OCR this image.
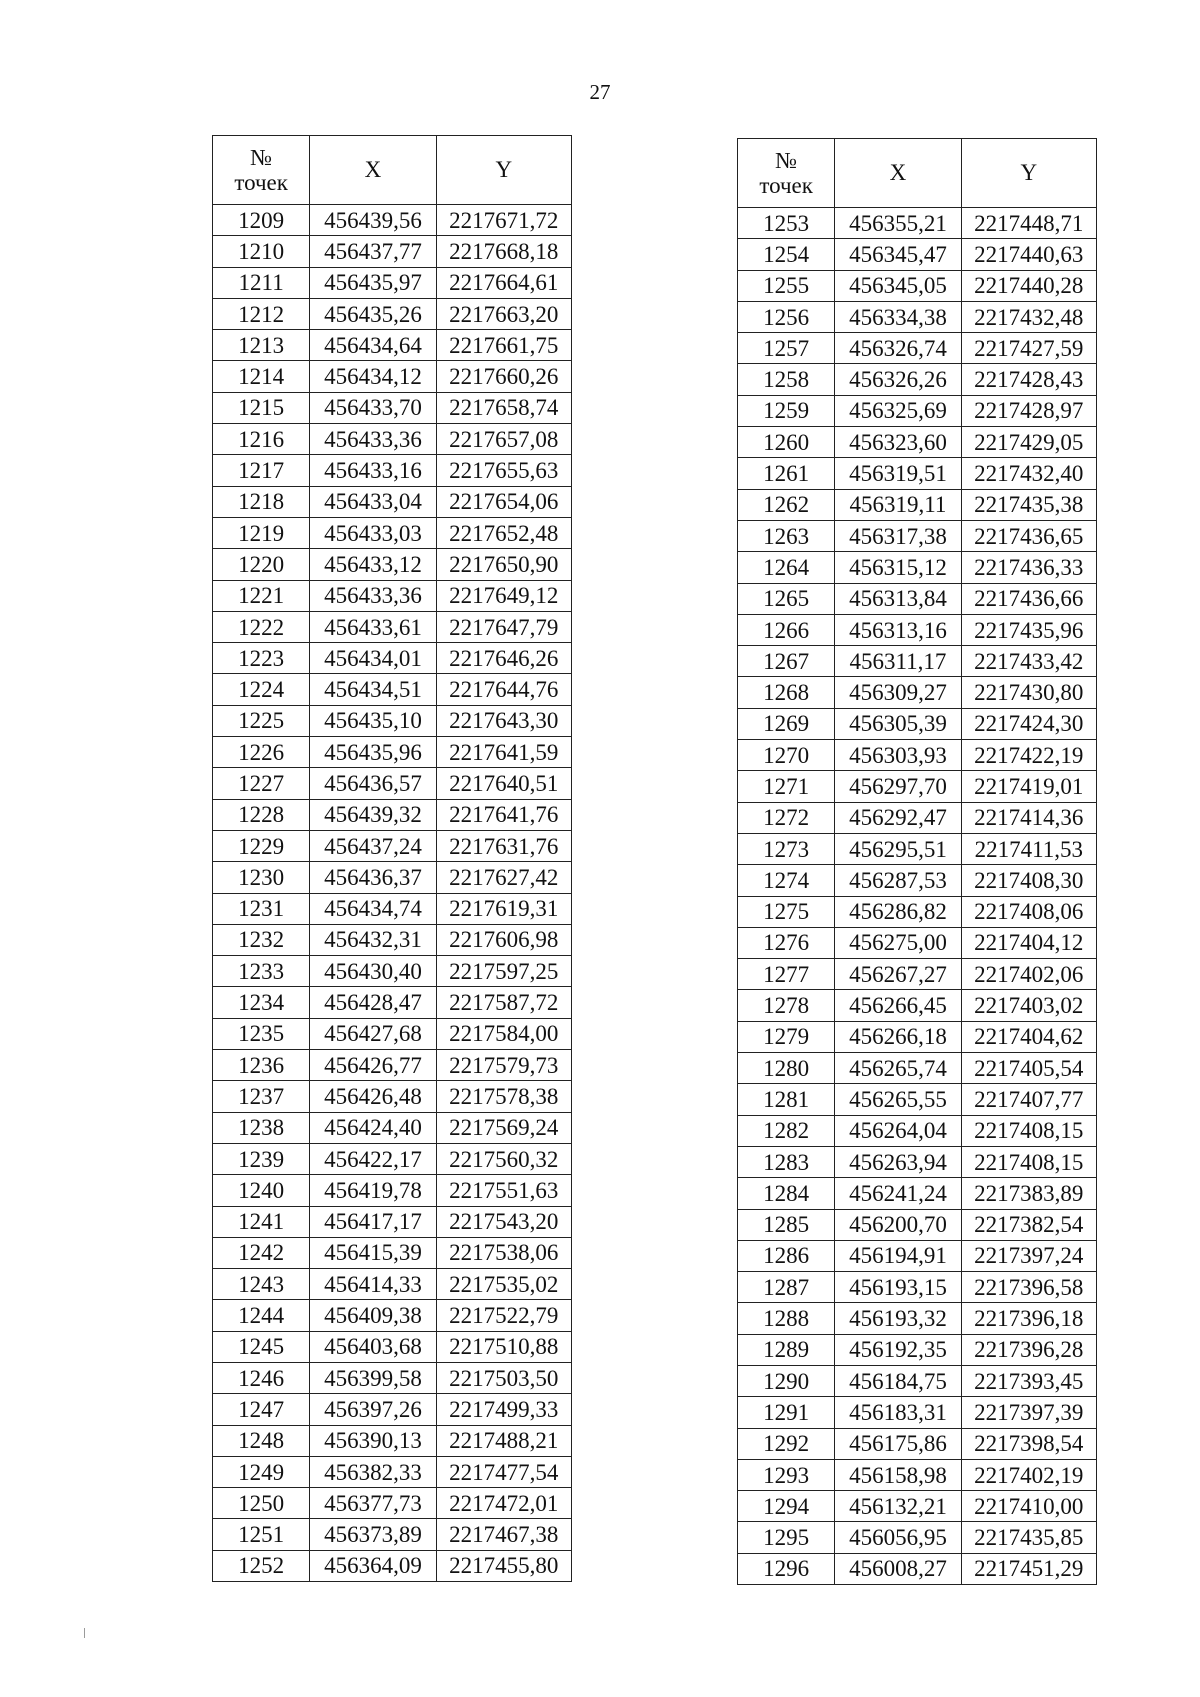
27
№
точек	X	Y
1209	456439,56	2217671,72
1210	456437,77	2217668,18
1211	456435,97	2217664,61
1212	456435,26	2217663,20
1213	456434,64	2217661,75
1214	456434,12	2217660,26
1215	456433,70	2217658,74
1216	456433,36	2217657,08
1217	456433,16	2217655,63
1218	456433,04	2217654,06
1219	456433,03	2217652,48
1220	456433,12	2217650,90
1221	456433,36	2217649,12
1222	456433,61	2217647,79
1223	456434,01	2217646,26
1224	456434,51	2217644,76
1225	456435,10	2217643,30
1226	456435,96	2217641,59
1227	456436,57	2217640,51
1228	456439,32	2217641,76
1229	456437,24	2217631,76
1230	456436,37	2217627,42
1231	456434,74	2217619,31
1232	456432,31	2217606,98
1233	456430,40	2217597,25
1234	456428,47	2217587,72
1235	456427,68	2217584,00
1236	456426,77	2217579,73
1237	456426,48	2217578,38
1238	456424,40	2217569,24
1239	456422,17	2217560,32
1240	456419,78	2217551,63
1241	456417,17	2217543,20
1242	456415,39	2217538,06
1243	456414,33	2217535,02
1244	456409,38	2217522,79
1245	456403,68	2217510,88
1246	456399,58	2217503,50
1247	456397,26	2217499,33
1248	456390,13	2217488,21
1249	456382,33	2217477,54
1250	456377,73	2217472,01
1251	456373,89	2217467,38
1252	456364,09	2217455,80
№
точек	X	Y
1253	456355,21	2217448,71
1254	456345,47	2217440,63
1255	456345,05	2217440,28
1256	456334,38	2217432,48
1257	456326,74	2217427,59
1258	456326,26	2217428,43
1259	456325,69	2217428,97
1260	456323,60	2217429,05
1261	456319,51	2217432,40
1262	456319,11	2217435,38
1263	456317,38	2217436,65
1264	456315,12	2217436,33
1265	456313,84	2217436,66
1266	456313,16	2217435,96
1267	456311,17	2217433,42
1268	456309,27	2217430,80
1269	456305,39	2217424,30
1270	456303,93	2217422,19
1271	456297,70	2217419,01
1272	456292,47	2217414,36
1273	456295,51	2217411,53
1274	456287,53	2217408,30
1275	456286,82	2217408,06
1276	456275,00	2217404,12
1277	456267,27	2217402,06
1278	456266,45	2217403,02
1279	456266,18	2217404,62
1280	456265,74	2217405,54
1281	456265,55	2217407,77
1282	456264,04	2217408,15
1283	456263,94	2217408,15
1284	456241,24	2217383,89
1285	456200,70	2217382,54
1286	456194,91	2217397,24
1287	456193,15	2217396,58
1288	456193,32	2217396,18
1289	456192,35	2217396,28
1290	456184,75	2217393,45
1291	456183,31	2217397,39
1292	456175,86	2217398,54
1293	456158,98	2217402,19
1294	456132,21	2217410,00
1295	456056,95	2217435,85
1296	456008,27	2217451,29
